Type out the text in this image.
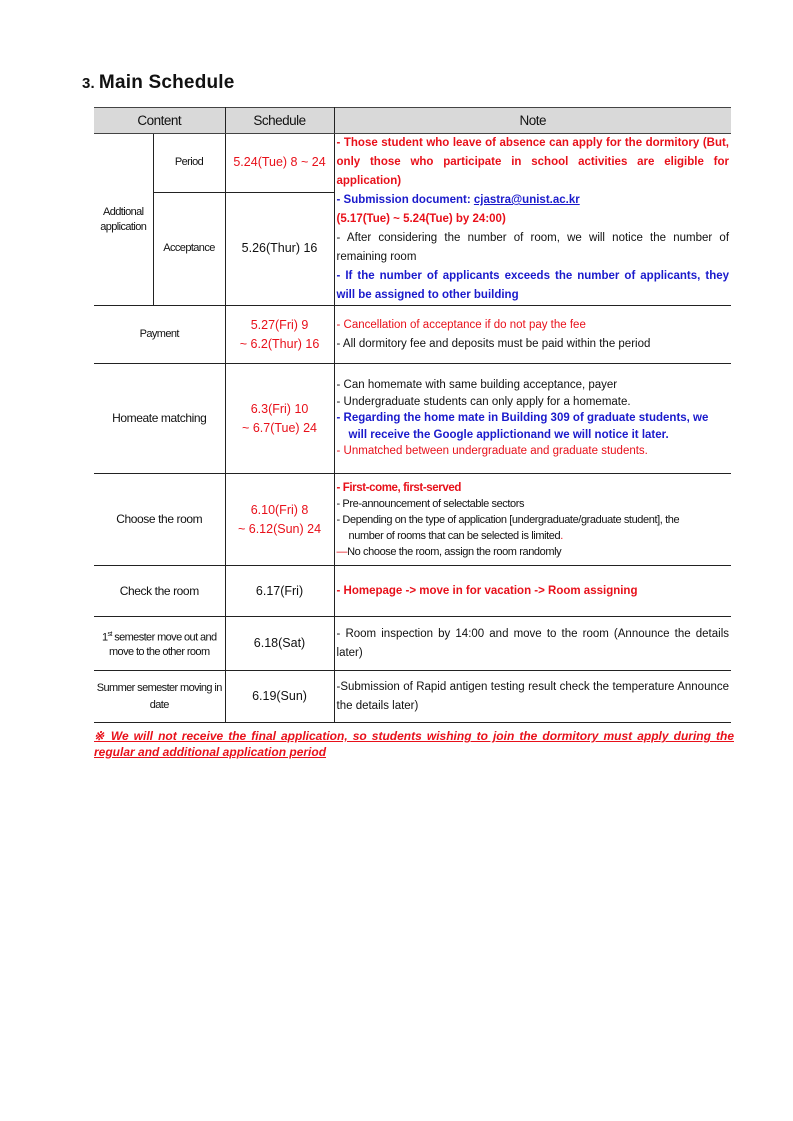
3. Main Schedule
Content		Schedule	Note
Addtional application	Period	5.24(Tue) 8 ~ 24	- Those student who leave of absence can apply for the dormitory (But, only those who participate in school activities are eligible for application)
- Submission document: cjastra@unist.ac.kr
(5.17(Tue) ~ 5.24(Tue) by 24:00)
- After considering the number of room, we will notice the number of remaining room
- If the number of applicants exceeds the number of applicants, they will be assigned to other building

	Acceptance	5.26(Thur) 16	
Payment		5.27(Fri) 9
~ 6.2(Thur) 16	- Cancellation of acceptance if do not pay the fee
- All dormitory fee and deposits must be paid within the period

Homeate matching		6.3(Fri) 10
~ 6.7(Tue) 24	- Can homemate with same building acceptance, payer
- Undergraduate students can only apply for a homemate.
- Regarding the home mate in Building 309 of graduate students, we
will receive the Google applictionand we will notice it later.
- Unmatched between undergraduate and graduate students.

Choose the room		6.10(Fri) 8
~ 6.12(Sun) 24	- First-come, first-served
- Pre-announcement of selectable sectors
- Depending on the type of application [undergraduate/graduate student], the
number of rooms that can be selected is limited.
—No choose the room, assign the room randomly

Check the room		6.17(Fri)	- Homepage -> move in for vacation -> Room assigning
1st semester move out and move to the other room		6.18(Sat)	- Room inspection by 14:00 and move to the room (Announce the details later)
Summer semester moving in date		6.19(Sun)	-Submission of Rapid antigen testing result check the temperature Announce the details later)
※ We will not receive the final application, so students wishing to join the dormitory must apply during the regular and additional application period
